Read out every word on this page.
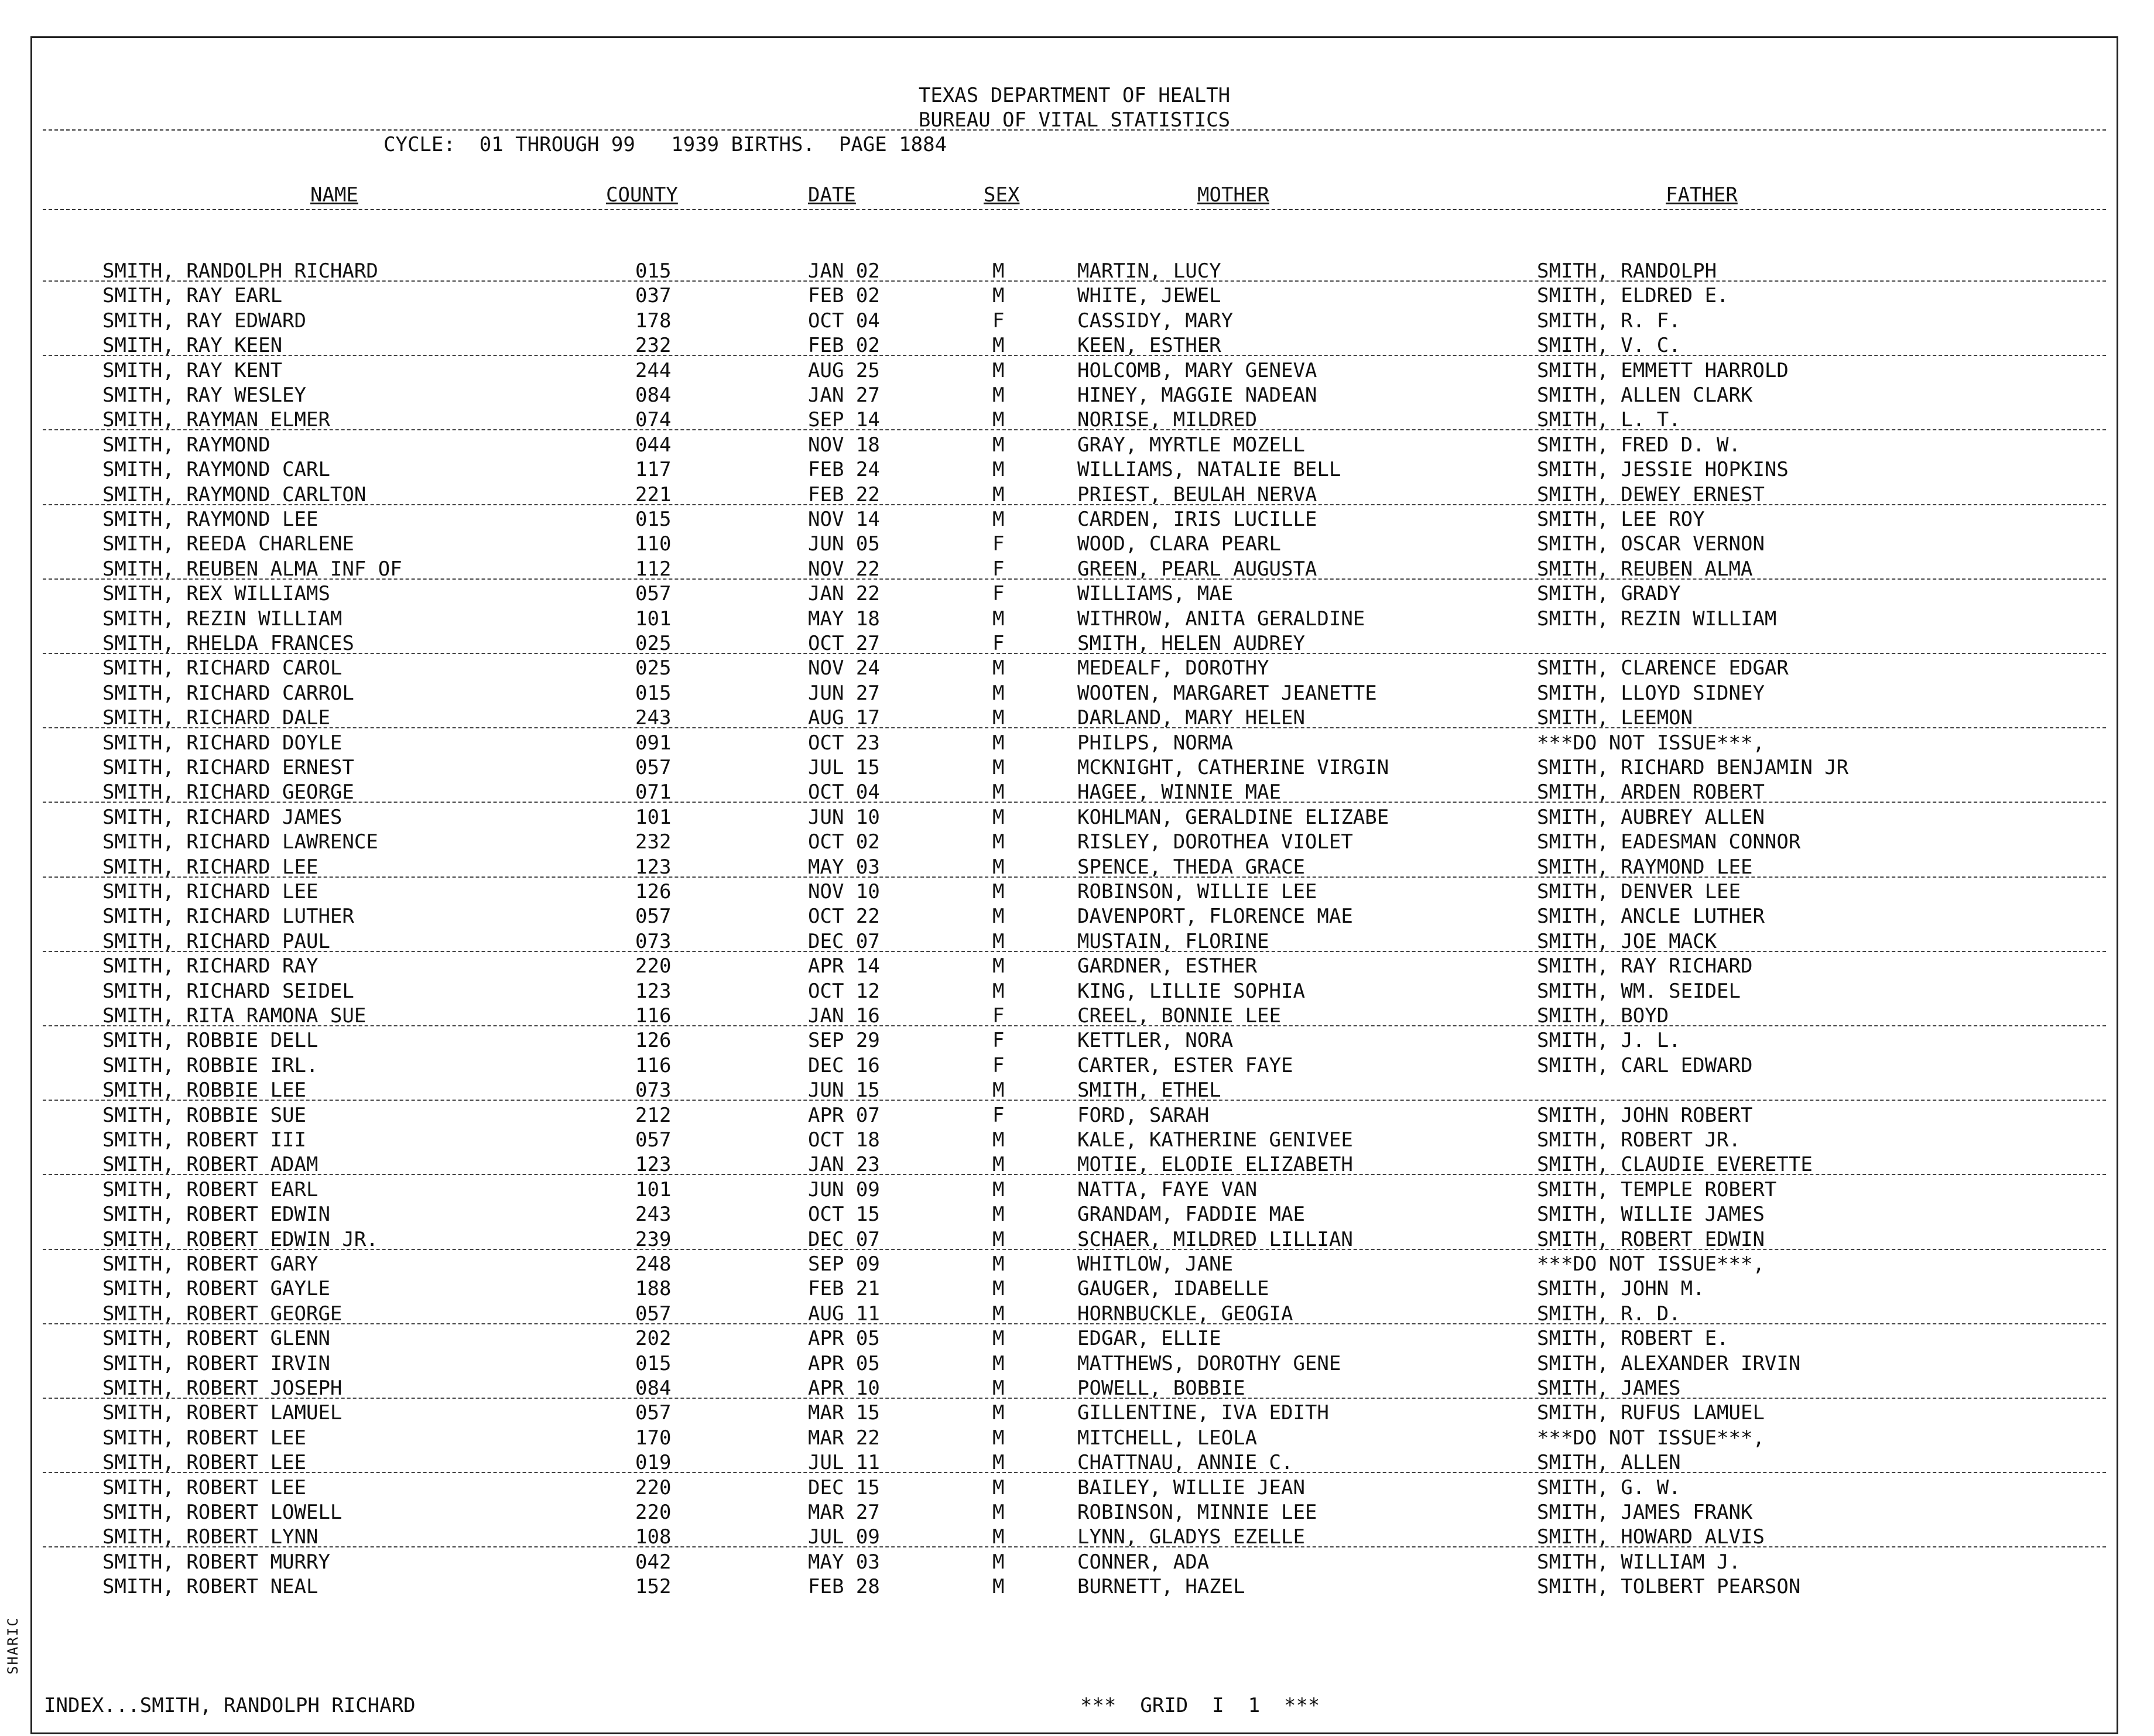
SHARIC
TEXAS DEPARTMENT OF HEALTH
BUREAU OF VITAL STATISTICS
CYCLE:  01 THROUGH 99   1939 BIRTHS.  PAGE 1884
NAME	COUNTY	DATE	SEX	MOTHER	FATHER
SMITH, RANDOLPH RICHARD	015	JAN 02	M	MARTIN, LUCY	SMITH, RANDOLPH
SMITH, RAY EARL	037	FEB 02	M	WHITE, JEWEL	SMITH, ELDRED E.
SMITH, RAY EDWARD	178	OCT 04	F	CASSIDY, MARY	SMITH, R. F.
SMITH, RAY KEEN	232	FEB 02	M	KEEN, ESTHER	SMITH, V. C.
SMITH, RAY KENT	244	AUG 25	M	HOLCOMB, MARY GENEVA	SMITH, EMMETT HARROLD
SMITH, RAY WESLEY	084	JAN 27	M	HINEY, MAGGIE NADEAN	SMITH, ALLEN CLARK
SMITH, RAYMAN ELMER	074	SEP 14	M	NORISE, MILDRED	SMITH, L. T.
SMITH, RAYMOND	044	NOV 18	M	GRAY, MYRTLE MOZELL	SMITH, FRED D. W.
SMITH, RAYMOND CARL	117	FEB 24	M	WILLIAMS, NATALIE BELL	SMITH, JESSIE HOPKINS
SMITH, RAYMOND CARLTON	221	FEB 22	M	PRIEST, BEULAH NERVA	SMITH, DEWEY ERNEST
SMITH, RAYMOND LEE	015	NOV 14	M	CARDEN, IRIS LUCILLE	SMITH, LEE ROY
SMITH, REEDA CHARLENE	110	JUN 05	F	WOOD, CLARA PEARL	SMITH, OSCAR VERNON
SMITH, REUBEN ALMA INF OF	112	NOV 22	F	GREEN, PEARL AUGUSTA	SMITH, REUBEN ALMA
SMITH, REX WILLIAMS	057	JAN 22	F	WILLIAMS, MAE	SMITH, GRADY
SMITH, REZIN WILLIAM	101	MAY 18	M	WITHROW, ANITA GERALDINE	SMITH, REZIN WILLIAM
SMITH, RHELDA FRANCES	025	OCT 27	F	SMITH, HELEN AUDREY
SMITH, RICHARD CAROL	025	NOV 24	M	MEDEALF, DOROTHY	SMITH, CLARENCE EDGAR
SMITH, RICHARD CARROL	015	JUN 27	M	WOOTEN, MARGARET JEANETTE	SMITH, LLOYD SIDNEY
SMITH, RICHARD DALE	243	AUG 17	M	DARLAND, MARY HELEN	SMITH, LEEMON
SMITH, RICHARD DOYLE	091	OCT 23	M	PHILPS, NORMA	***DO NOT ISSUE***,
SMITH, RICHARD ERNEST	057	JUL 15	M	MCKNIGHT, CATHERINE VIRGIN	SMITH, RICHARD BENJAMIN JR
SMITH, RICHARD GEORGE	071	OCT 04	M	HAGEE, WINNIE MAE	SMITH, ARDEN ROBERT
SMITH, RICHARD JAMES	101	JUN 10	M	KOHLMAN, GERALDINE ELIZABE	SMITH, AUBREY ALLEN
SMITH, RICHARD LAWRENCE	232	OCT 02	M	RISLEY, DOROTHEA VIOLET	SMITH, EADESMAN CONNOR
SMITH, RICHARD LEE	123	MAY 03	M	SPENCE, THEDA GRACE	SMITH, RAYMOND LEE
SMITH, RICHARD LEE	126	NOV 10	M	ROBINSON, WILLIE LEE	SMITH, DENVER LEE
SMITH, RICHARD LUTHER	057	OCT 22	M	DAVENPORT, FLORENCE MAE	SMITH, ANCLE LUTHER
SMITH, RICHARD PAUL	073	DEC 07	M	MUSTAIN, FLORINE	SMITH, JOE MACK
SMITH, RICHARD RAY	220	APR 14	M	GARDNER, ESTHER	SMITH, RAY RICHARD
SMITH, RICHARD SEIDEL	123	OCT 12	M	KING, LILLIE SOPHIA	SMITH, WM. SEIDEL
SMITH, RITA RAMONA SUE	116	JAN 16	F	CREEL, BONNIE LEE	SMITH, BOYD
SMITH, ROBBIE DELL	126	SEP 29	F	KETTLER, NORA	SMITH, J. L.
SMITH, ROBBIE IRL.	116	DEC 16	F	CARTER, ESTER FAYE	SMITH, CARL EDWARD
SMITH, ROBBIE LEE	073	JUN 15	M	SMITH, ETHEL
SMITH, ROBBIE SUE	212	APR 07	F	FORD, SARAH	SMITH, JOHN ROBERT
SMITH, ROBERT III	057	OCT 18	M	KALE, KATHERINE GENIVEE	SMITH, ROBERT JR.
SMITH, ROBERT ADAM	123	JAN 23	M	MOTIE, ELODIE ELIZABETH	SMITH, CLAUDIE EVERETTE
SMITH, ROBERT EARL	101	JUN 09	M	NATTA, FAYE VAN	SMITH, TEMPLE ROBERT
SMITH, ROBERT EDWIN	243	OCT 15	M	GRANDAM, FADDIE MAE	SMITH, WILLIE JAMES
SMITH, ROBERT EDWIN JR.	239	DEC 07	M	SCHAER, MILDRED LILLIAN	SMITH, ROBERT EDWIN
SMITH, ROBERT GARY	248	SEP 09	M	WHITLOW, JANE	***DO NOT ISSUE***,
SMITH, ROBERT GAYLE	188	FEB 21	M	GAUGER, IDABELLE	SMITH, JOHN M.
SMITH, ROBERT GEORGE	057	AUG 11	M	HORNBUCKLE, GEOGIA	SMITH, R. D.
SMITH, ROBERT GLENN	202	APR 05	M	EDGAR, ELLIE	SMITH, ROBERT E.
SMITH, ROBERT IRVIN	015	APR 05	M	MATTHEWS, DOROTHY GENE	SMITH, ALEXANDER IRVIN
SMITH, ROBERT JOSEPH	084	APR 10	M	POWELL, BOBBIE	SMITH, JAMES
SMITH, ROBERT LAMUEL	057	MAR 15	M	GILLENTINE, IVA EDITH	SMITH, RUFUS LAMUEL
SMITH, ROBERT LEE	170	MAR 22	M	MITCHELL, LEOLA	***DO NOT ISSUE***,
SMITH, ROBERT LEE	019	JUL 11	M	CHATTNAU, ANNIE C.	SMITH, ALLEN
SMITH, ROBERT LEE	220	DEC 15	M	BAILEY, WILLIE JEAN	SMITH, G. W.
SMITH, ROBERT LOWELL	220	MAR 27	M	ROBINSON, MINNIE LEE	SMITH, JAMES FRANK
SMITH, ROBERT LYNN	108	JUL 09	M	LYNN, GLADYS EZELLE	SMITH, HOWARD ALVIS
SMITH, ROBERT MURRY	042	MAY 03	M	CONNER, ADA	SMITH, WILLIAM J.
SMITH, ROBERT NEAL	152	FEB 28	M	BURNETT, HAZEL	SMITH, TOLBERT PEARSON
INDEX...SMITH, RANDOLPH RICHARD	***  GRID  I  1  ***
